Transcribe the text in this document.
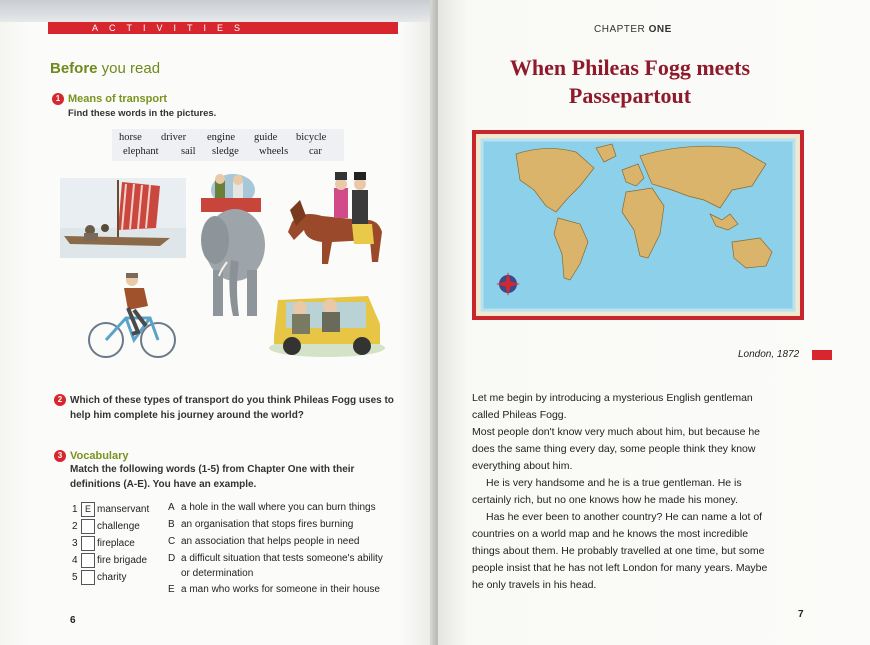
ACTIVITIES
Before you read
1 Means of transport
Find these words in the pictures.
horse driver engine guide bicycle
elephant sail sledge wheels car
2 Which of these types of transport do you think Phileas Fogg uses to
help him complete his journey around the world?
3 Vocabulary
Match the following words (1-5) from Chapter One with their
definitions (A-E). You have an example.
1 E manservant
2 challenge
3 fireplace
4 fire brigade
5 charity
A a hole in the wall where you can burn things
B an organisation that stops fires burning
C an association that helps people in need
D a difficult situation that tests someone's ability
or determination
E a man who works for someone in their house
6
CHAPTER ONE
When Phileas Fogg meets
Passepartout
London, 1872
Let me begin by introducing a mysterious English gentleman
called Phileas Fogg.
Most people don't know very much about him, but because he
does the same thing every day, some people think they know
everything about him.
He is very handsome and he is a true gentleman. He is
certainly rich, but no one knows how he made his money.
Has he ever been to another country? He can name a lot of
countries on a world map and he knows the most incredible
things about them. He probably travelled at one time, but some
people insist that he has not left London for many years. Maybe
he only travels in his head.
7
